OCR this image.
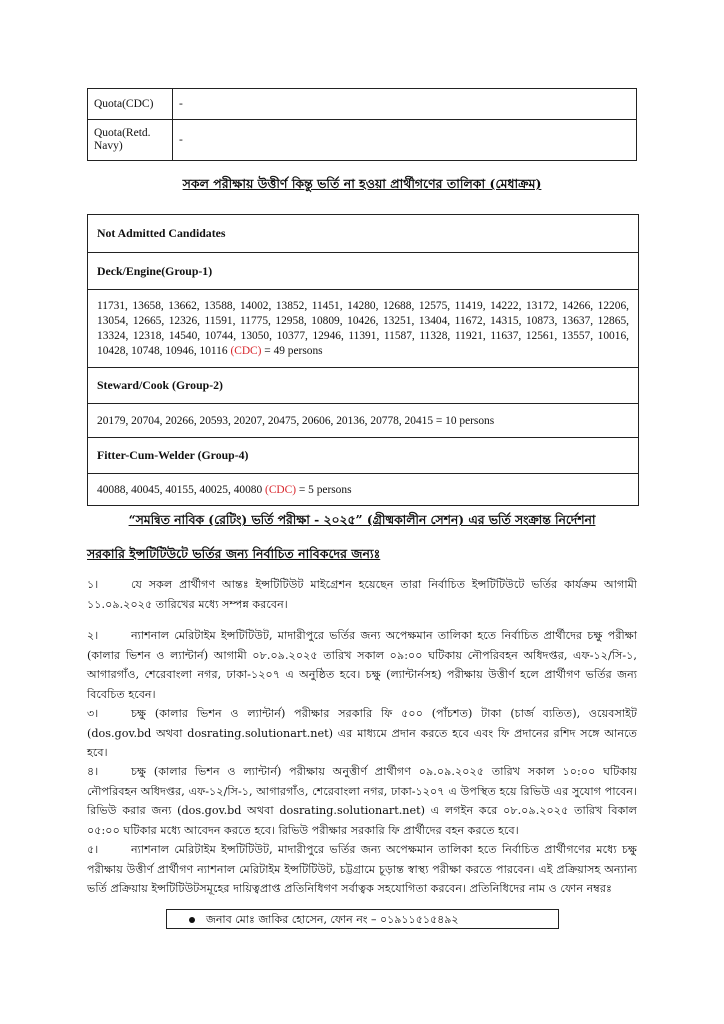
Quota(CDC)	-
Quota(Retd. Navy)	-
সকল পরীক্ষায় উত্তীর্ণ কিন্তু ভর্তি না হওয়া প্রার্থীগণের তালিকা (মেধাক্রম)
Not Admitted Candidates
Deck/Engine(Group-1)
11731, 13658, 13662, 13588, 14002, 13852, 11451, 14280, 12688, 12575, 11419, 14222, 13172, 14266, 12206, 13054, 12665, 12326, 11591, 11775, 12958, 10809, 10426, 13251, 13404, 11672, 14315, 10873, 13637, 12865, 13324, 12318, 14540, 10744, 13050, 10377, 12946, 11391, 11587, 11328, 11921, 11637, 12561, 13557, 10016, 10428, 10748, 10946, 10116 (CDC) = 49 persons
Steward/Cook (Group-2)
20179, 20704, 20266, 20593, 20207, 20475, 20606, 20136, 20778, 20415 = 10 persons
Fitter-Cum-Welder (Group-4)
40088, 40045, 40155, 40025, 40080 (CDC) = 5 persons
“সমন্বিত নাবিক (রেটিং) ভর্তি পরীক্ষা - ২০২৫” (গ্রীষ্মকালীন সেশন) এর ভর্তি সংক্রান্ত নির্দেশনা
সরকারি ইন্সটিটিউটে ভর্তির জন্য নির্বাচিত নাবিকদের জন্যঃ
১।	যে সকল প্রার্থীগণ আন্তঃ ইন্সটিটিউট মাইগ্রেশন হয়েছেন তারা নির্বাচিত ইন্সটিটিউটে ভর্তির কার্যক্রম আগামী ১১.০৯.২০২৫ তারিখের মধ্যে সম্পন্ন করবেন।
২।	ন্যাশনাল মেরিটাইম ইন্সটিটিউট, মাদারীপুরে ভর্তির জন্য অপেক্ষমান তালিকা হতে নির্বাচিত প্রার্থীদের চক্ষু পরীক্ষা (কালার ভিশন ও ল্যান্টার্ন) আগামী ০৮.০৯.২০২৫ তারিখ সকাল ০৯:০০ ঘটিকায় নৌপরিবহন অধিদপ্তর, এফ-১২/সি-১, আগারগাঁও, শেরেবাংলা নগর, ঢাকা-১২০৭ এ অনুষ্ঠিত হবে। চক্ষু (ল্যান্টার্নসহ) পরীক্ষায় উত্তীর্ণ হলে প্রার্থীগণ ভর্তির জন্য বিবেচিত হবেন।
৩।	চক্ষু (কালার ভিশন ও ল্যান্টার্ন) পরীক্ষার সরকারি ফি ৫০০ (পাঁচশত) টাকা (চার্জ ব্যতিত), ওয়েবসাইট (dos.gov.bd অথবা dosrating.solutionart.net) এর মাধ্যমে প্রদান করতে হবে এবং ফি প্রদানের রশিদ সঙ্গে আনতে হবে।
৪।	চক্ষু (কালার ভিশন ও ল্যান্টার্ন) পরীক্ষায় অনুত্তীর্ণ প্রার্থীগণ ০৯.০৯.২০২৫ তারিখ সকাল ১০:০০ ঘটিকায় নৌপরিবহন অধিদপ্তর, এফ-১২/সি-১, আগারগাঁও, শেরেবাংলা নগর, ঢাকা-১২০৭ এ উপস্থিত হয়ে রিভিউ এর সুযোগ পাবেন। রিভিউ করার জন্য (dos.gov.bd অথবা dosrating.solutionart.net) এ লগইন করে ০৮.০৯.২০২৫ তারিখ বিকাল ০৫:০০ ঘটিকার মধ্যে আবেদন করতে হবে। রিভিউ পরীক্ষার সরকারি ফি প্রার্থীদের বহন করতে হবে।
৫।	ন্যাশনাল মেরিটাইম ইন্সটিটিউট, মাদারীপুরে ভর্তির জন্য অপেক্ষমান তালিকা হতে নির্বাচিত প্রার্থীগণের মধ্যে চক্ষু পরীক্ষায় উত্তীর্ণ প্রার্থীগণ ন্যাশনাল মেরিটাইম ইন্সটিটিউট, চট্টগ্রামে চূড়ান্ত স্বাস্থ্য পরীক্ষা করতে পারবেন। এই প্রক্রিয়াসহ অন্যান্য ভর্তি প্রক্রিয়ায় ইন্সটিটিউটসমূহের দায়িত্বপ্রাপ্ত প্রতিনিধিগণ সর্বাত্বক সহযোগিতা করবেন। প্রতিনিধিদের নাম ও ফোন নম্বরঃ
জনাব মোঃ জাকির হোসেন, ফোন নং – ০১৯১১৫১৫৪৯২
